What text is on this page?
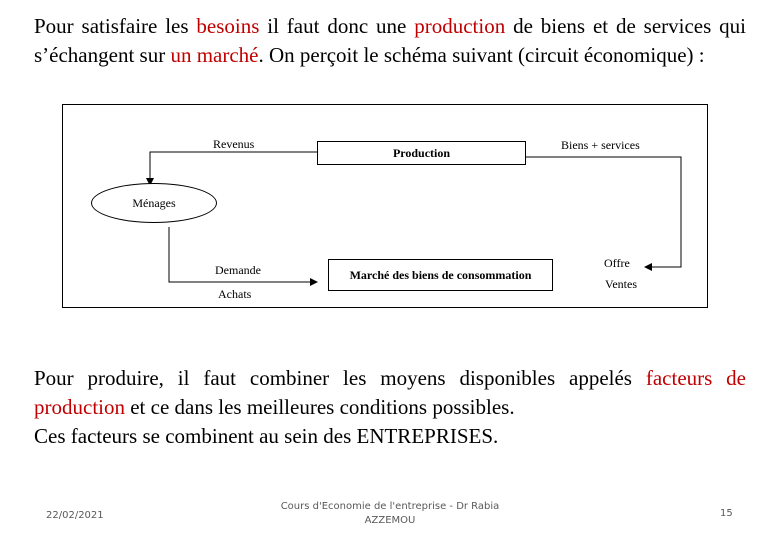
Pour satisfaire les besoins il faut donc une production de biens et de services qui s’échangent sur un marché. On perçoit le schéma suivant (circuit économique) :
Revenus
Production
Biens + services
Ménages
Demande
Achats
Marché des biens de consommation
Offre
Ventes
Pour produire, il faut combiner les moyens disponibles appelés facteurs de production et ce dans les meilleures conditions possibles.
Ces facteurs se combinent au sein des ENTREPRISES.
22/02/2021
Cours d'Economie de l'entreprise - Dr Rabia
AZZEMOU
15
